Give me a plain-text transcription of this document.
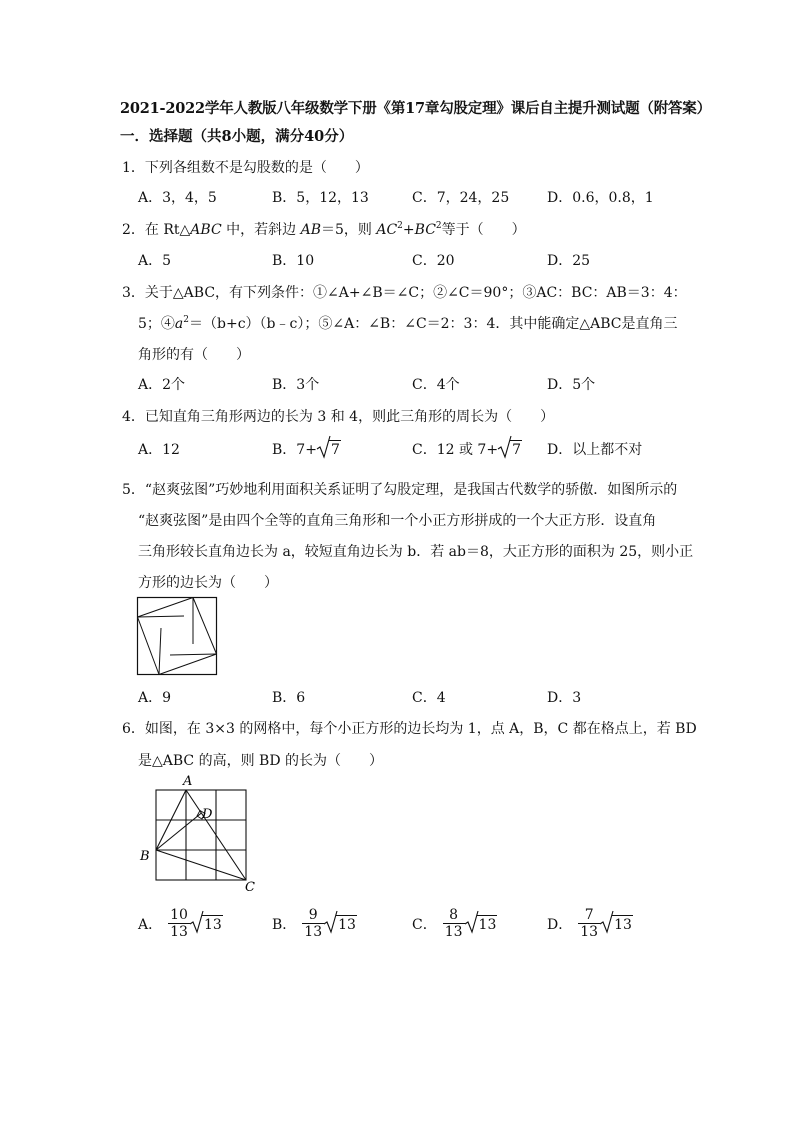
2021-2022学年人教版八年级数学下册《第17章勾股定理》课后自主提升测试题（附答案）
一．选择题（共8小题，满分40分）
1．下列各组数不是勾股数的是（　　）
A．3，4，5	B．5，12，13	C．7，24，25	D．0.6，0.8，1
2．在 Rt△ABC 中，若斜边 AB＝5，则 $AC^2+BC^2$等于（　　）
A．5	B．10	C．20	D．25
3．关于△ABC，有下列条件：①∠A+∠B＝∠C；②∠C＝90°；③AC：BC：AB＝3：4：
5；$④a^2=(b+c)(b﹣c)$；⑤∠A：∠B：∠C＝2：3：4．其中能确定△ABC是直角三
角形的有（　　）
A．2个	B．3个	C．4个	D．5个
4．已知直角三角形两边的长为 3 和 4，则此三角形的周长为（　　）
A．12	B．7+ 7	C．12 或 7+ 7 D．以上都不对
5．“赵爽弦图”巧妙地利用面积关系证明了勾股定理，是我国古代数学的骄傲．如图所示的
“赵爽弦图”是由四个全等的直角三角形和一个小正方形拼成的一个大正方形．设直角
三角形较长直角边长为 a，较短直角边长为 b．若 ab＝8，大正方形的面积为 25，则小正
方形的边长为（　　）
A．9	B．6	C．4	D．3
6．如图，在 3×3 的网格中，每个小正方形的边长均为 1，点 A，B，C 都在格点上，若 BD
是△ABC 的高，则 BD 的长为（　　）
A
B
C
D
A． $\frac{10}{13}$	13	B． $\frac{9}{13}$	13	C． $\frac{8}{13}$	13	D． $\frac{7}{13}$	13
